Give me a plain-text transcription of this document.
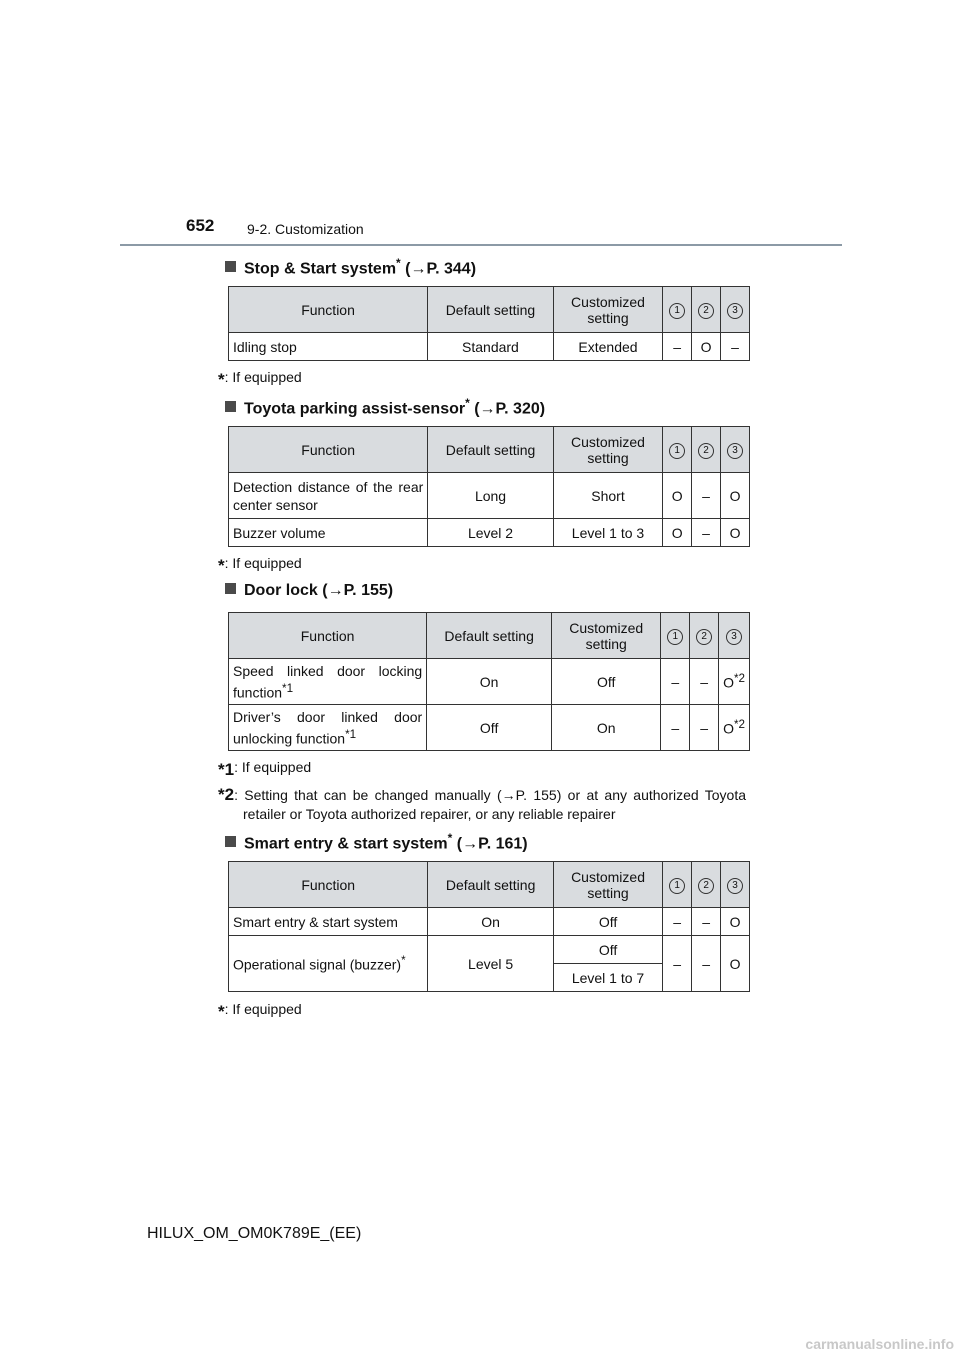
652 9-2. Customization
Stop & Start system* (→P. 344)
Function	Default setting	Customized setting	1	2	3
Idling stop	Standard	Extended	–	O	–
*: If equipped
Toyota parking assist-sensor* (→P. 320)
Function	Default setting	Customized setting	1	2	3
Detection distance of the rear center sensor	Long	Short	O	–	O
Buzzer volume	Level 2	Level 1 to 3	O	–	O
*: If equipped
Door lock (→P. 155)
Function	Default setting	Customized setting	1	2	3
Speed linked door locking function$^{*1}$	On	Off	–	–	$O^{*2}$
Driver’s door linked door unlocking function$^{*1}$	Off	On	–	–	$O^{*2}$
*1: If equipped
*2: Setting that can be changed manually (→P. 155) or at any authorized Toyota retailer or Toyota authorized repairer, or any reliable repairer
Smart entry & start system* (→P. 161)
Function	Default setting	Customized setting	1	2	3
Smart entry & start system	On	Off	–	–	O
Operational signal (buzzer)*	Level 5	Off	–	–	O
		Level 1 to 7			
*: If equipped
HILUX_OM_OM0K789E_(EE)
carmanualsonline.info
